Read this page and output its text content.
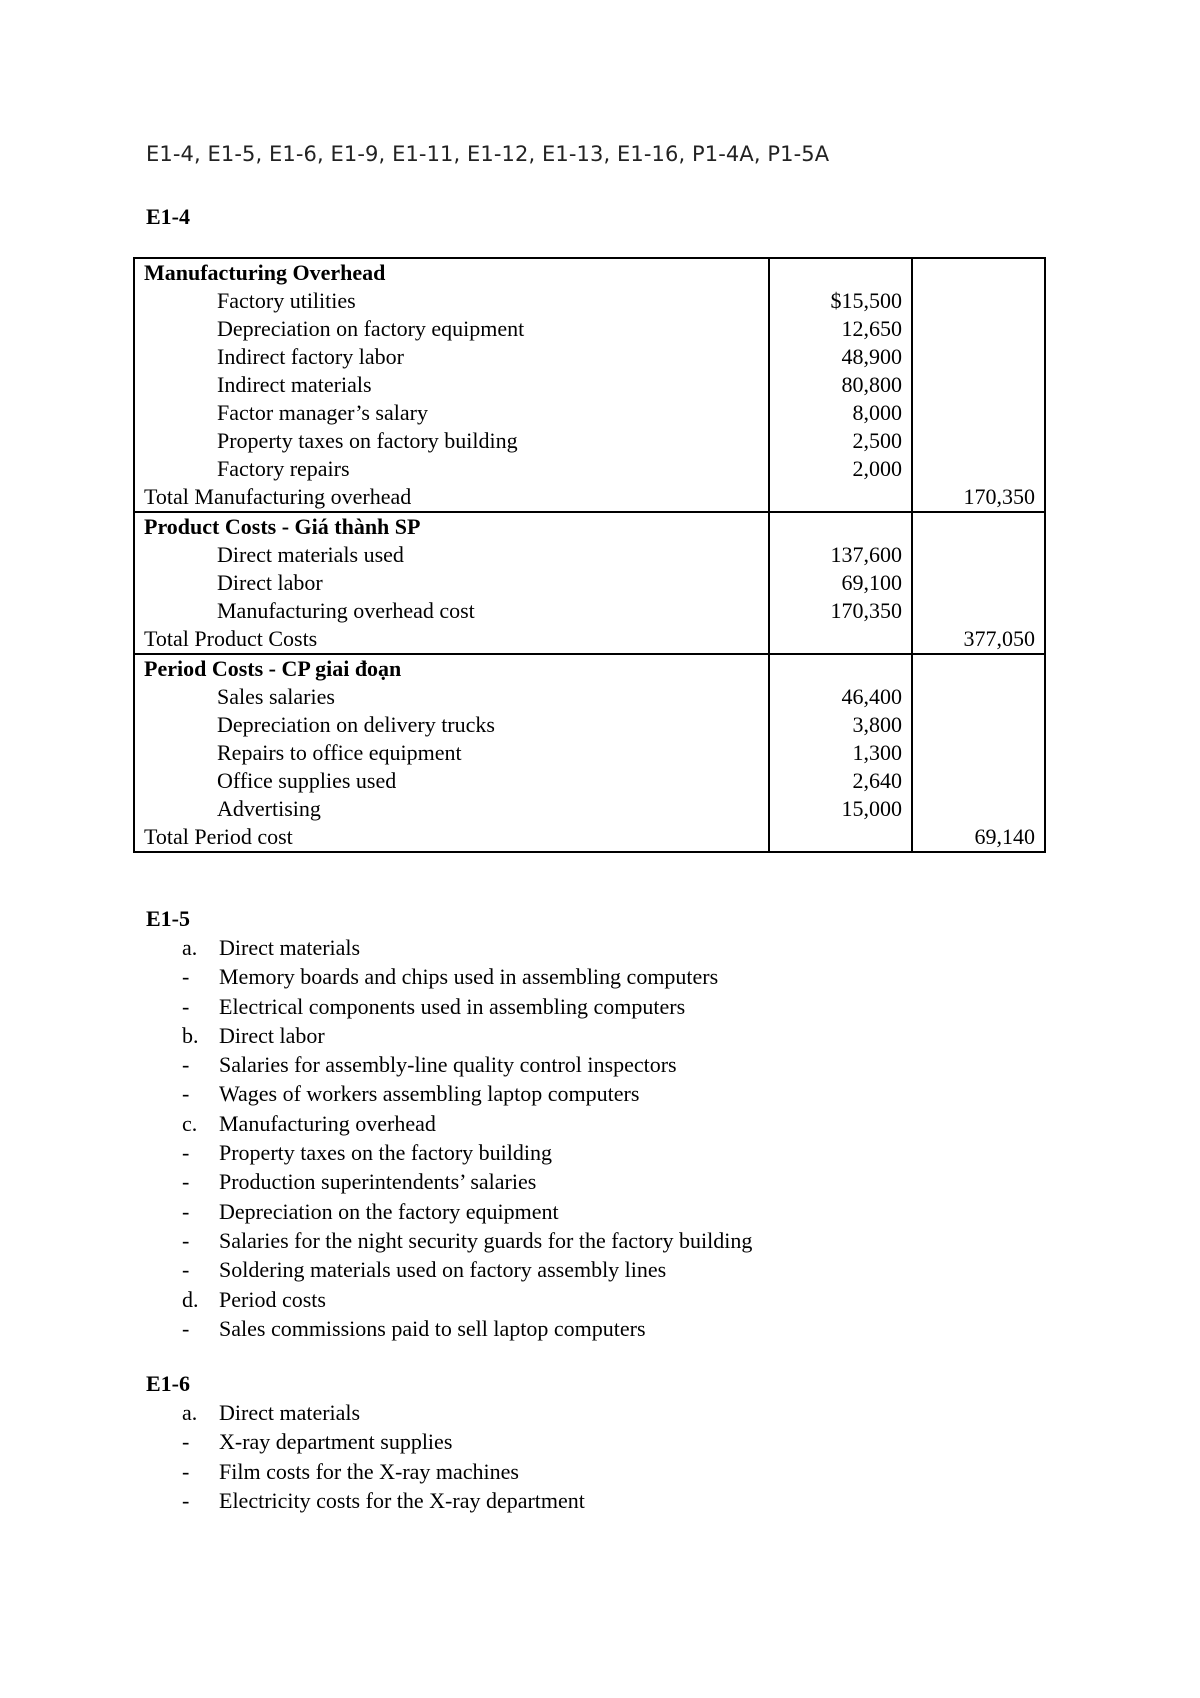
E1-4, E1-5, E1-6, E1-9, E1-11, E1-12, E1-13, E1-16, P1-4A, P1-5A
E1-4
Manufacturing Overhead		
Factory utilities	$15,500	
Depreciation on factory equipment	12,650	
Indirect factory labor	48,900	
Indirect materials	80,800	
Factor manager’s salary	8,000	
Property taxes on factory building	2,500	
Factory repairs	2,000	
Total Manufacturing overhead		170,350
Product Costs - Giá thành SP		
Direct materials used	137,600	
Direct labor	69,100	
Manufacturing overhead cost	170,350	
Total Product Costs		377,050
Period Costs - CP giai đoạn		
Sales salaries	46,400	
Depreciation on delivery trucks	3,800	
Repairs to office equipment	1,300	
Office supplies used	2,640	
Advertising	15,000	
Total Period cost		69,140
E1-5
a. Direct materials
-	Memory boards and chips used in assembling computers
-	Electrical components used in assembling computers
b. Direct labor
-	Salaries for assembly-line quality control inspectors
-	Wages of workers assembling laptop computers
c. Manufacturing overhead
-	Property taxes on the factory building
-	Production superintendents’ salaries
-	Depreciation on the factory equipment
-	Salaries for the night security guards for the factory building
-	Soldering materials used on factory assembly lines
d. Period costs
-	Sales commissions paid to sell laptop computers
E1-6
a. Direct materials
-	X-ray department supplies
-	Film costs for the X-ray machines
-	Electricity costs for the X-ray department
